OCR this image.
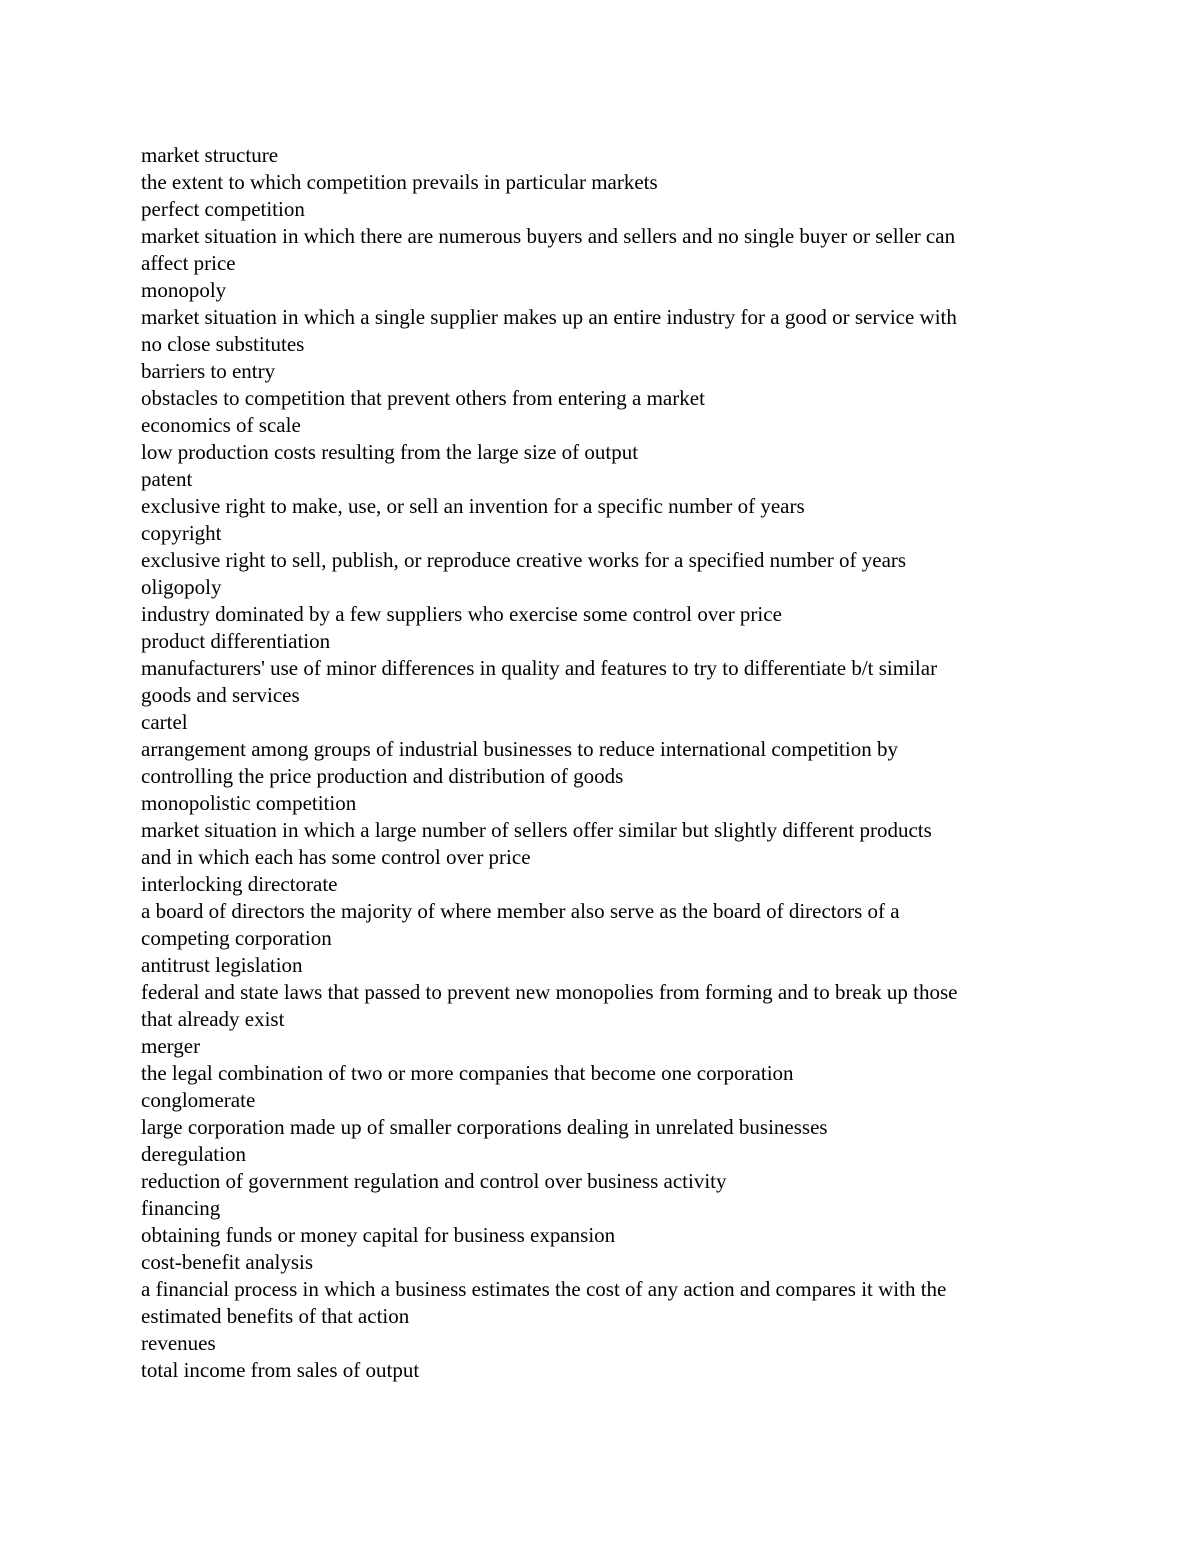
market structure
the extent to which competition prevails in particular markets
perfect competition
market situation in which there are numerous buyers and sellers and no single buyer or seller can
affect price
monopoly
market situation in which a single supplier makes up an entire industry for a good or service with
no close substitutes
barriers to entry
obstacles to competition that prevent others from entering a market
economics of scale
low production costs resulting from the large size of output
patent
exclusive right to make, use, or sell an invention for a specific number of years
copyright
exclusive right to sell, publish, or reproduce creative works for a specified number of years
oligopoly
industry dominated by a few suppliers who exercise some control over price
product differentiation
manufacturers' use of minor differences in quality and features to try to differentiate b/t similar
goods and services
cartel
arrangement among groups of industrial businesses to reduce international competition by
controlling the price production and distribution of goods
monopolistic competition
market situation in which a large number of sellers offer similar but slightly different products
and in which each has some control over price
interlocking directorate
a board of directors the majority of where member also serve as the board of directors of a
competing corporation
antitrust legislation
federal and state laws that passed to prevent new monopolies from forming and to break up those
that already exist
merger
the legal combination of two or more companies that become one corporation
conglomerate
large corporation made up of smaller corporations dealing in unrelated businesses
deregulation
reduction of government regulation and control over business activity
financing
obtaining funds or money capital for business expansion
cost-benefit analysis
a financial process in which a business estimates the cost of any action and compares it with the
estimated benefits of that action
revenues
total income from sales of output
